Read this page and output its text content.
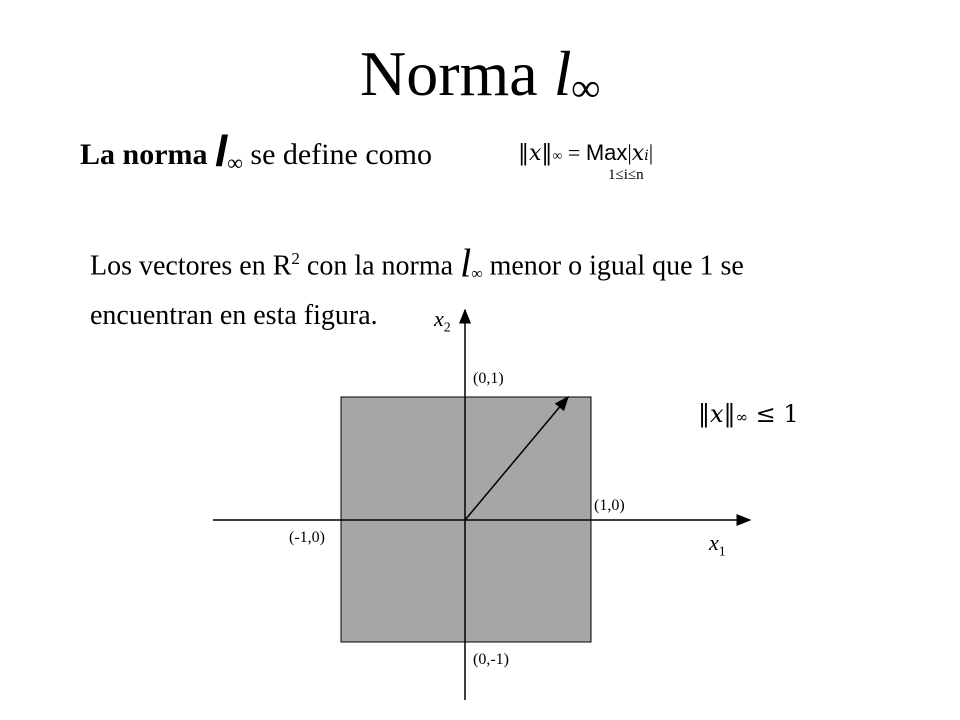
Norma l∞
La norma $l_\infty$ se define como	‖x‖∞ = Max|xi|
1≤i≤n
Los vectores en $R^2$ con la norma l∞ menor o igual que 1 se
encuentran en esta figura.	$x_2$
$x_1$
(0,1)
(1,0)
(-1,0)
(0,-1)
‖x‖∞ ≤ 1
